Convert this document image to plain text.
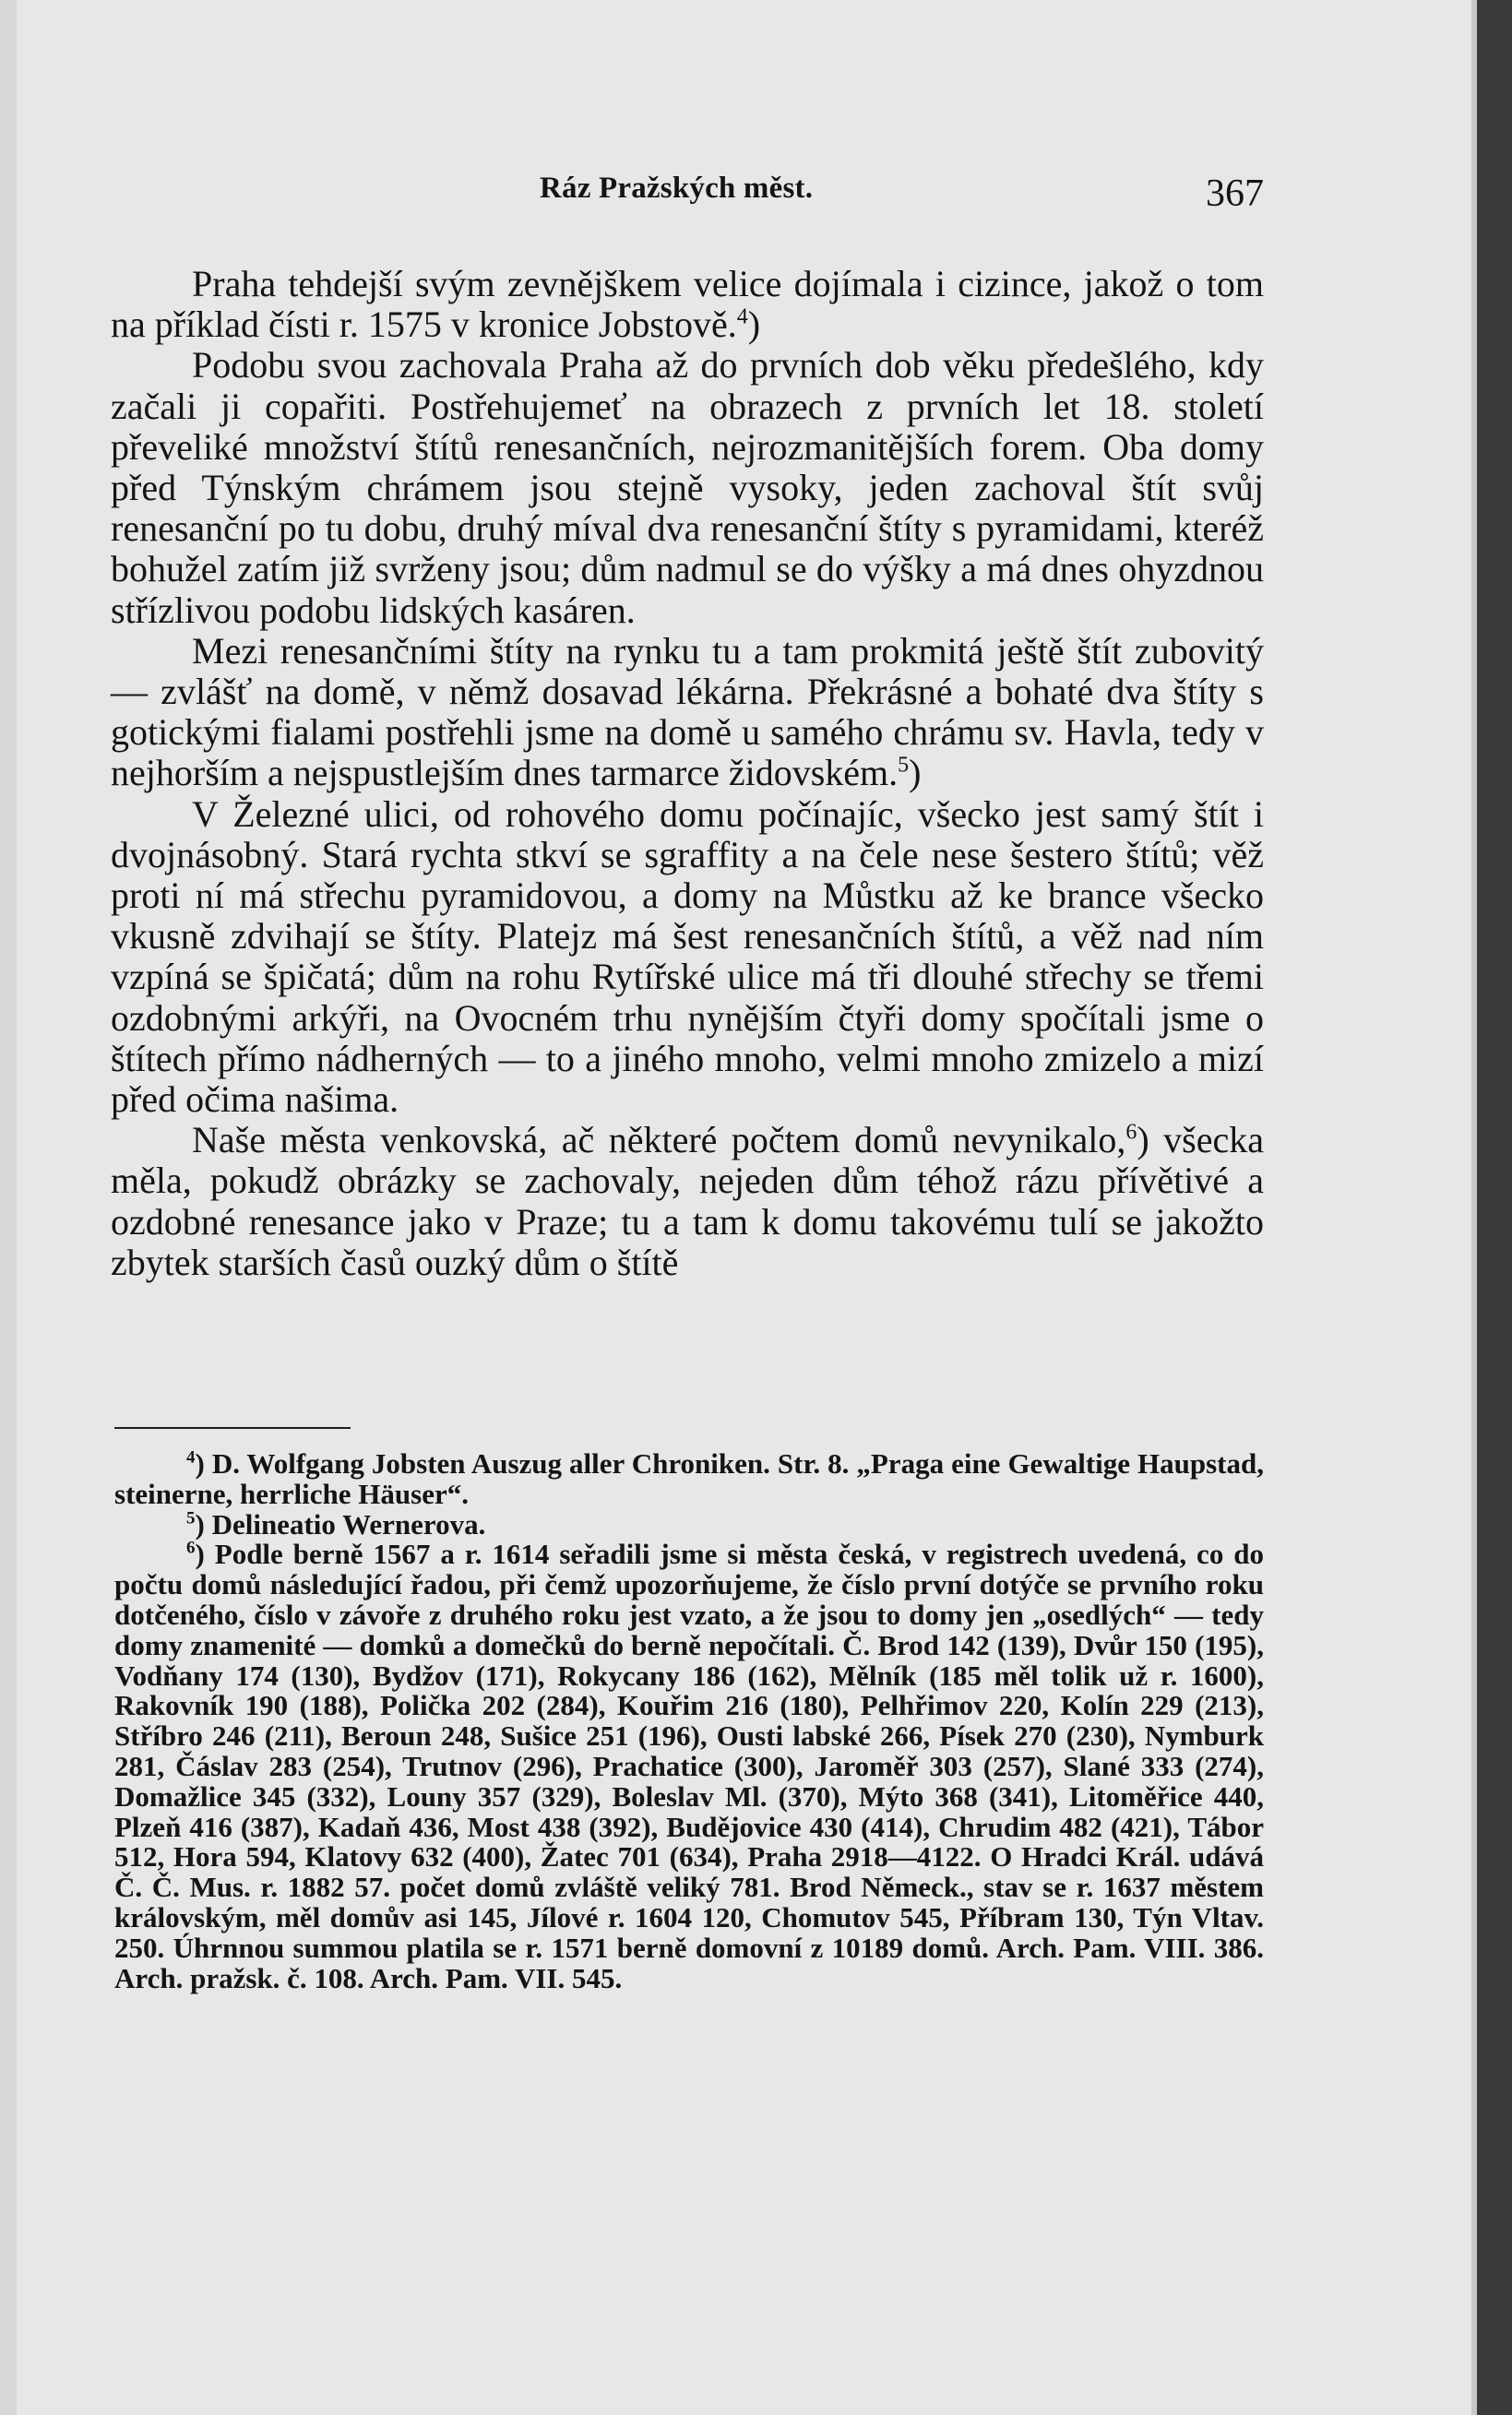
Ráz Pražských měst.	367

Praha tehdejší svým zevnějškem velice dojímala i cizince, jakož o tom na příklad čísti r. 1575 v kronice Jobstově.$^4$)

Podobu svou zachovala Praha až do prvních dob věku předešlého, kdy začali ji copařiti. Postřehujemeť na obrazech z prvních let 18. století převeliké množství štítů renesančních, nejrozmanitějších forem. Oba domy před Týnským chrámem jsou stejně vysoky, jeden zachoval štít svůj renesanční po tu dobu, druhý míval dva renesanční štíty s pyramidami, kteréž bohužel zatím již svrženy jsou; dům nadmul se do výšky a má dnes ohyzdnou střízlivou podobu lidských kasáren.

Mezi renesančními štíty na rynku tu a tam prokmitá ještě štít zubovitý — zvlášť na domě, v němž dosavad lékárna. Překrásné a bohaté dva štíty s gotickými fialami postřehli jsme na domě u samého chrámu sv. Havla, tedy v nejhorším a nejspustlejším dnes tarmarce židovském.$^5$)

V Železné ulici, od rohového domu počínajíc, všecko jest samý štít i dvojnásobný. Stará rychta stkví se sgraffity a na čele nese šestero štítů; věž proti ní má střechu pyramidovou, a domy na Můstku až ke brance všecko vkusně zdvihají se štíty. Platejz má šest renesančních štítů, a věž nad ním vzpíná se špičatá; dům na rohu Rytířské ulice má tři dlouhé střechy se třemi ozdobnými arkýři, na Ovocném trhu nynějším čtyři domy spočítali jsme o štítech přímo nádherných — to a jiného mnoho, velmi mnoho zmizelo a mizí před očima našima.

Naše města venkovská, ač některé počtem domů nevynikalo,$^6$) všecka měla, pokudž obrázky se zachovaly, nejeden dům téhož rázu přívětivé a ozdobné renesance jako v Praze; tu a tam k domu takovému tulí se jakožto zbytek starších časů ouzký dům o štítě

$^4$) D. Wolfgang Jobsten Auszug aller Chroniken. Str. 8. „Praga eine Gewaltige Haupstad, steinerne, herrliche Häuser“.

$^5$) Delineatio Wernerova.

$^6$) Podle berně 1567 a r. 1614 seřadili jsme si města česká, v registrech uvedená, co do počtu domů následující řadou, při čemž upozorňujeme, že číslo první dotýče se prvního roku dotčeného, číslo v závoře z druhého roku jest vzato, a že jsou to domy jen „osedlých“ — tedy domy znamenité — domků a domečků do berně nepočítali. Č. Brod 142 (139), Dvůr 150 (195), Vodňany 174 (130), Bydžov (171), Rokycany 186 (162), Mělník (185 měl tolik už r. 1600), Rakovník 190 (188), Polička 202 (284), Kouřim 216 (180), Pelhřimov 220, Kolín 229 (213), Stříbro 246 (211), Beroun 248, Sušice 251 (196), Ousti labské 266, Písek 270 (230), Nymburk 281, Čáslav 283 (254), Trutnov (296), Prachatice (300), Jaroměř 303 (257), Slané 333 (274), Domažlice 345 (332), Louny 357 (329), Boleslav Ml. (370), Mýto 368 (341), Litoměřice 440, Plzeň 416 (387), Kadaň 436, Most 438 (392), Budějovice 430 (414), Chrudim 482 (421), Tábor 512, Hora 594, Klatovy 632 (400), Žatec 701 (634), Praha 2918—4122. O Hradci Král. udává Č. Č. Mus. r. 1882 57. počet domů zvláště veliký 781. Brod Německ., stav se r. 1637 městem královským, měl domův asi 145, Jílové r. 1604 120, Chomutov 545, Příbram 130, Týn Vltav. 250. Úhrnnou summou platila se r. 1571 berně domovní z 10189 domů. Arch. Pam. VIII. 386. Arch. pražsk. č. 108. Arch. Pam. VII. 545.
